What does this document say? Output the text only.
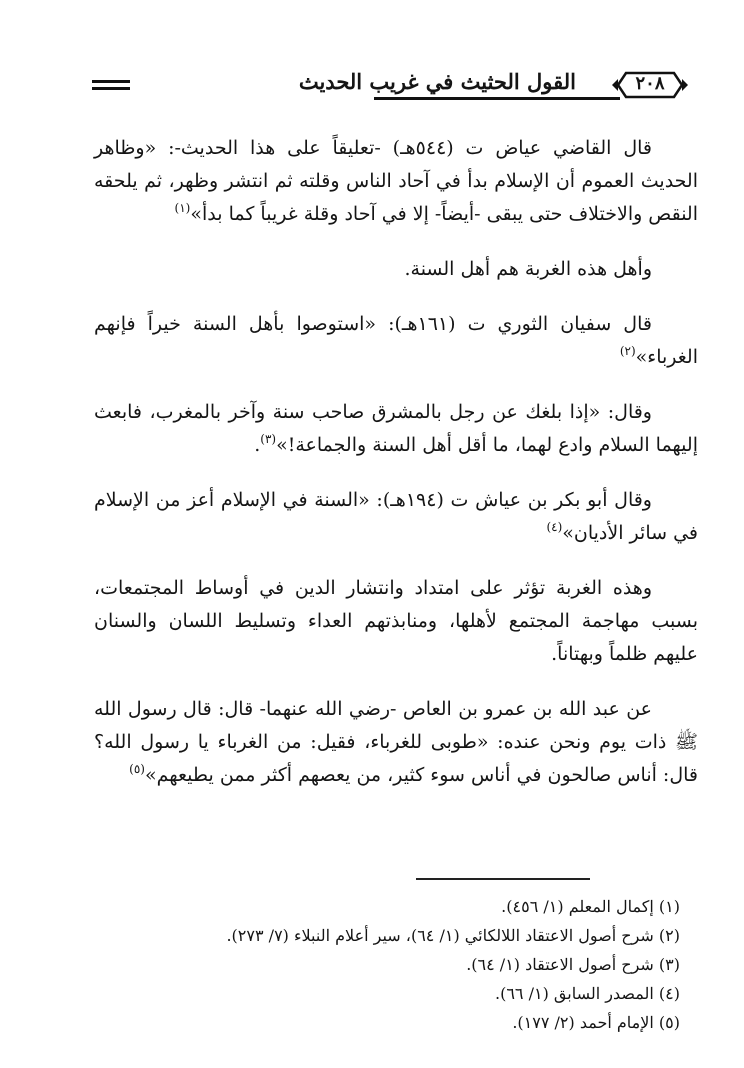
القول الحثيث في غريب الحديث	٢٠٨

قال القاضي عياض ت (٥٤٤هـ) -تعليقاً على هذا الحديث-: «وظاهر الحديث العموم أن الإسلام بدأ في آحاد الناس وقلته ثم انتشر وظهر، ثم يلحقه النقص والاختلاف حتى يبقى -أيضاً- إلا في آحاد وقلة غريباً كما بدأ»$^{(١)}$

وأهل هذه الغربة هم أهل السنة.

قال سفيان الثوري ت (١٦١هـ): «استوصوا بأهل السنة خيراً فإنهم الغرباء»$^{(٢)}$

وقال: «إذا بلغك عن رجل بالمشرق صاحب سنة وآخر بالمغرب، فابعث إليهما السلام وادع لهما، ما أقل أهل السنة والجماعة!»$^{(٣)}$.

وقال أبو بكر بن عياش ت (١٩٤هـ): «السنة في الإسلام أعز من الإسلام في سائر الأديان»$^{(٤)}$

وهذه الغربة تؤثر على امتداد وانتشار الدين في أوساط المجتمعات، بسبب مهاجمة المجتمع لأهلها، ومنابذتهم العداء وتسليط اللسان والسنان عليهم ظلماً وبهتاناً.

عن عبد الله بن عمرو بن العاص -رضي الله عنهما- قال: قال رسول الله ﷺ ذات يوم ونحن عنده: «طوبى للغرباء، فقيل: من الغرباء يا رسول الله؟ قال: أناس صالحون في أناس سوء كثير، من يعصهم أكثر ممن يطيعهم»$^{(٥)}$

(١) إكمال المعلم (١/ ٤٥٦).
(٢) شرح أصول الاعتقاد اللالكائي (١/ ٦٤)، سير أعلام النبلاء (٧/ ٢٧٣).
(٣) شرح أصول الاعتقاد (١/ ٦٤).
(٤) المصدر السابق (١/ ٦٦).
(٥) الإمام أحمد (٢/ ١٧٧).
